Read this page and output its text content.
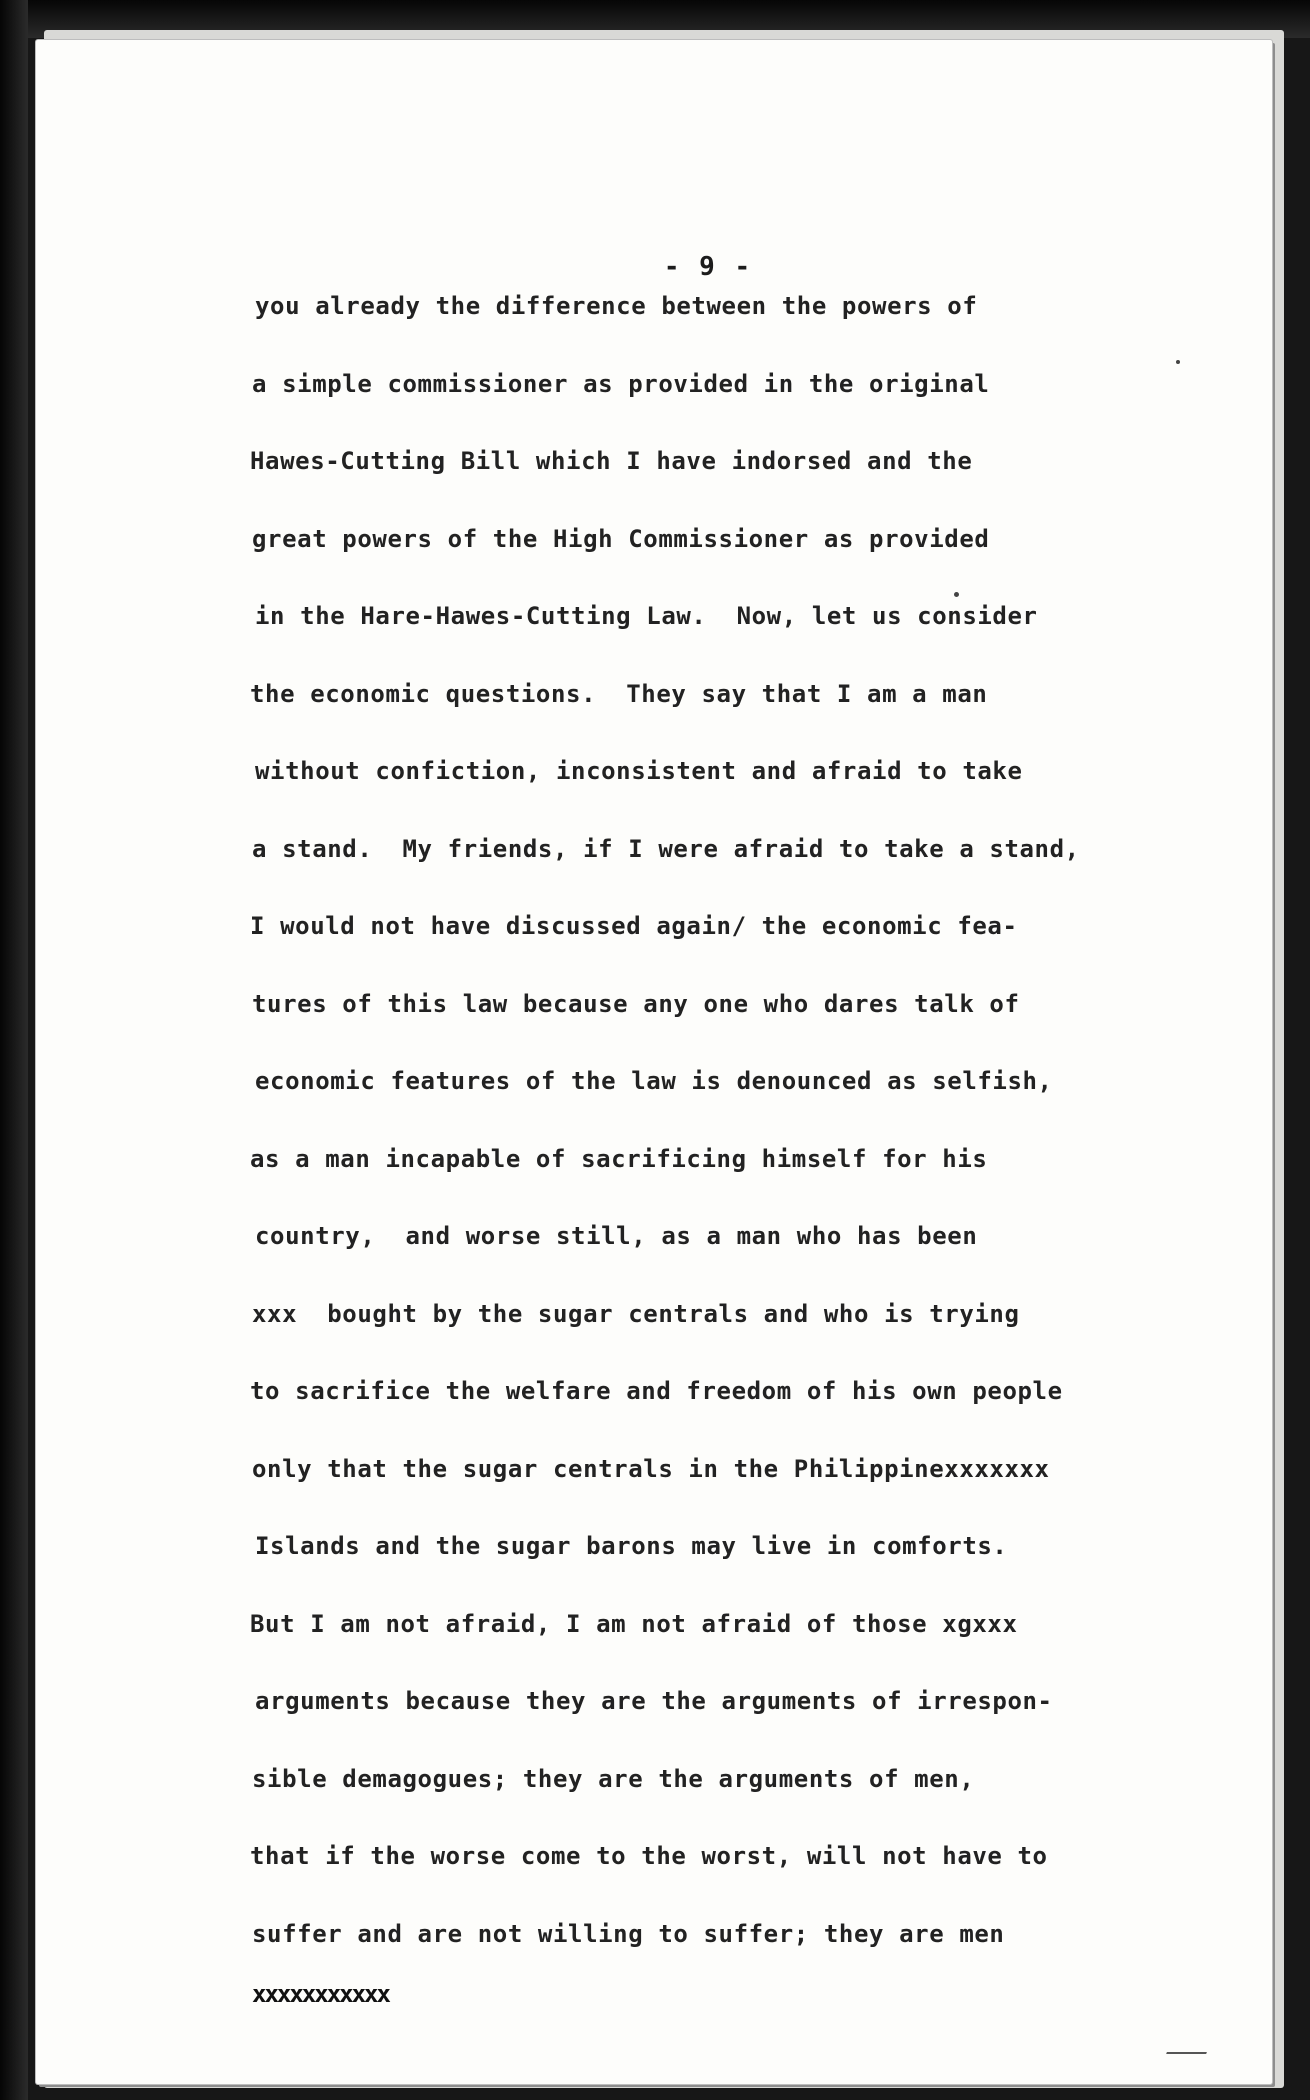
- 9 -
you already the difference between the powers of
a simple commissioner as provided in the original
Hawes-Cutting Bill which I have indorsed and the
great powers of the High Commissioner as provided
in the Hare-Hawes-Cutting Law.  Now, let us consider
the economic questions.  They say that I am a man
without confiction, inconsistent and afraid to take
a stand.  My friends, if I were afraid to take a stand,
I would not have discussed again/ the economic fea-
tures of this law because any one who dares talk of
economic features of the law is denounced as selfish,
as a man incapable of sacrificing himself for his
country,  and worse still, as a man who has been
xxx  bought by the sugar centrals and who is trying
to sacrifice the welfare and freedom of his own people
only that the sugar centrals in the Philippinexxxxxxx
Islands and the sugar barons may live in comforts.
But I am not afraid, I am not afraid of those xgxxx
arguments because they are the arguments of irrespon-
sible demagogues; they are the arguments of men,
that if the worse come to the worst, will not have to
suffer and are not willing to suffer; they are men
xxxxxxxxxxx
